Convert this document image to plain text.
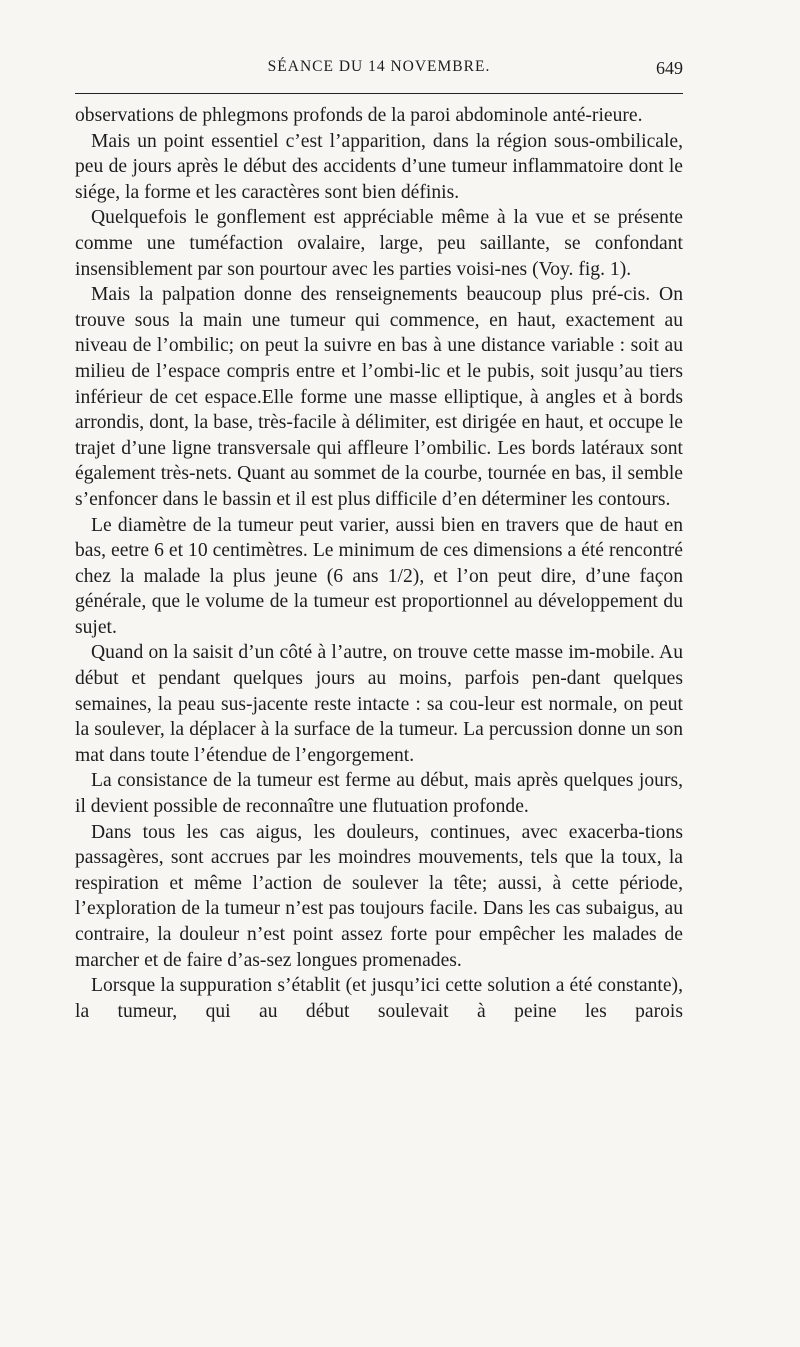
SÉANCE DU 14 NOVEMBRE.	649

observations de phlegmons profonds de la paroi abdominole anté-rieure.

Mais un point essentiel c’est l’apparition, dans la région sous-ombilicale, peu de jours après le début des accidents d’une tumeur inflammatoire dont le siége, la forme et les caractères sont bien définis.

Quelquefois le gonflement est appréciable même à la vue et se présente comme une tuméfaction ovalaire, large, peu saillante, se confondant insensiblement par son pourtour avec les parties voisi-nes (Voy. fig. 1).

Mais la palpation donne des renseignements beaucoup plus pré-cis. On trouve sous la main une tumeur qui commence, en haut, exactement au niveau de l’ombilic; on peut la suivre en bas à une distance variable : soit au milieu de l’espace compris entre et l’ombi-lic et le pubis, soit jusqu’au tiers inférieur de cet espace.Elle forme une masse elliptique, à angles et à bords arrondis, dont, la base, très-facile à délimiter, est dirigée en haut, et occupe le trajet d’une ligne transversale qui affleure l’ombilic. Les bords latéraux sont également très-nets. Quant au sommet de la courbe, tournée en bas, il semble s’enfoncer dans le bassin et il est plus difficile d’en déterminer les contours.

Le diamètre de la tumeur peut varier, aussi bien en travers que de haut en bas, eetre 6 et 10 centimètres. Le minimum de ces dimensions a été rencontré chez la malade la plus jeune (6 ans 1/2), et l’on peut dire, d’une façon générale, que le volume de la tumeur est proportionnel au développement du sujet.

Quand on la saisit d’un côté à l’autre, on trouve cette masse im-mobile. Au début et pendant quelques jours au moins, parfois pen-dant quelques semaines, la peau sus-jacente reste intacte : sa cou-leur est normale, on peut la soulever, la déplacer à la surface de la tumeur. La percussion donne un son mat dans toute l’étendue de l’engorgement.

La consistance de la tumeur est ferme au début, mais après quelques jours, il devient possible de reconnaître une flutuation profonde.

Dans tous les cas aigus, les douleurs, continues, avec exacerba-tions passagères, sont accrues par les moindres mouvements, tels que la toux, la respiration et même l’action de soulever la tête; aussi, à cette période, l’exploration de la tumeur n’est pas toujours facile. Dans les cas subaigus, au contraire, la douleur n’est point assez forte pour empêcher les malades de marcher et de faire d’as-sez longues promenades.

Lorsque la suppuration s’établit (et jusqu’ici cette solution a été constante), la tumeur, qui au début soulevait à peine les parois
